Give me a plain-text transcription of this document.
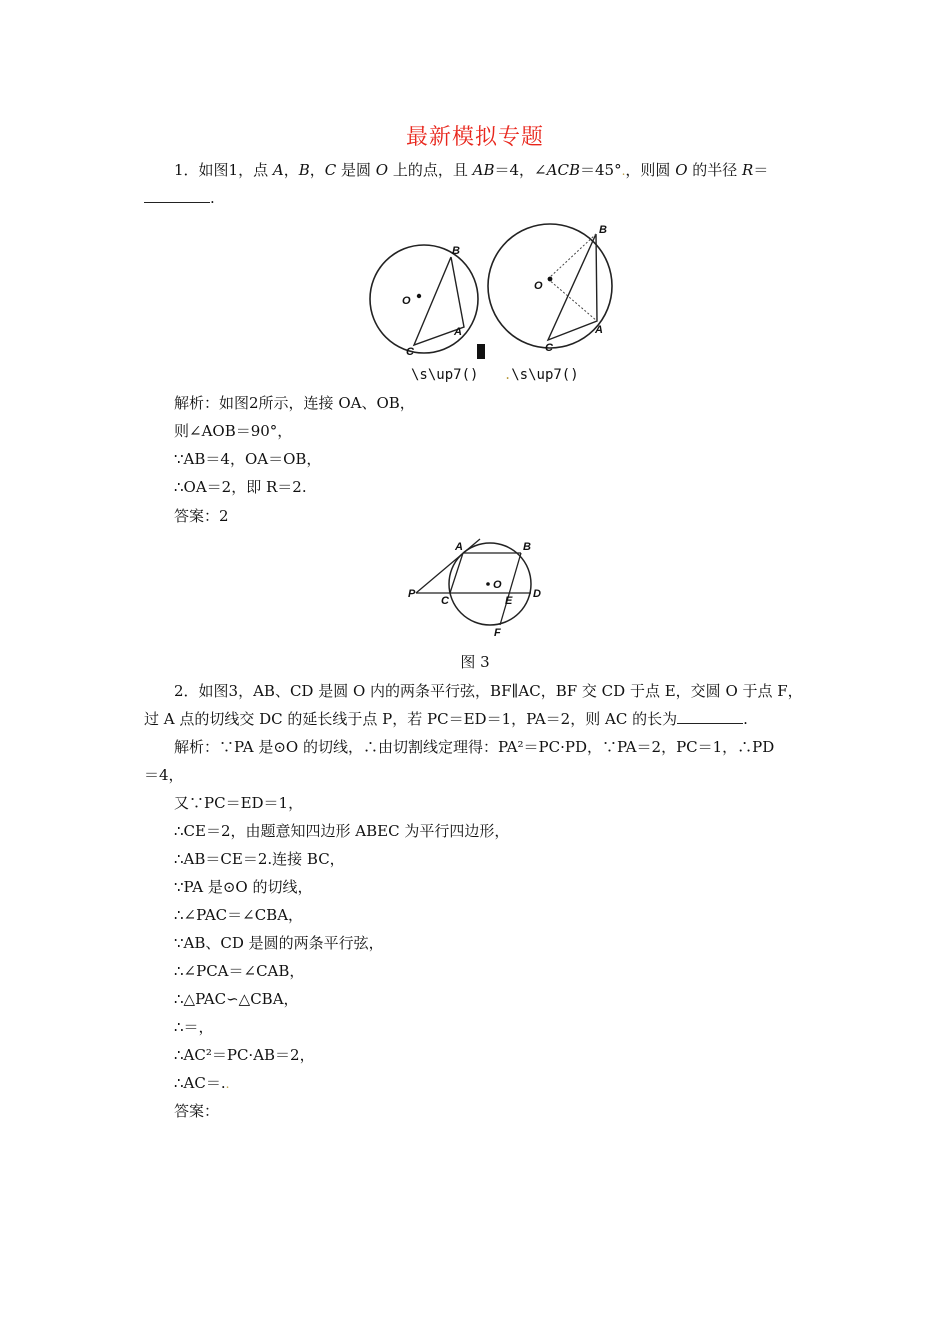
最新模拟专题
1．如图1，点 A，B，C 是圆 O 上的点，且 AB＝4，∠ACB＝45°.，则圆 O 的半径 R＝
.
O
B
A
C
O
B
A
C
\s\up7() .\s\up7()
解析：如图2所示，连接 OA、OB，
则∠AOB＝90°，
∵AB＝4，OA＝OB，
∴OA＝2，即 R＝2.
答案：2
A	B
P
C
O
E
D
F
图 3
2．如图3，AB、CD 是圆 O 内的两条平行弦，BF∥AC，BF 交 CD 于点 E，交圆 O 于点 F，
过 A 点的切线交 DC 的延长线于点 P，若 PC＝ED＝1，PA＝2，则 AC 的长为	.
解析：∵PA 是⊙O 的切线，∴由切割线定理得：PA²＝PC·PD，∵PA＝2，PC＝1，∴PD
＝4，
又∵PC＝ED＝1，
∴CE＝2，由题意知四边形 ABEC 为平行四边形，
∴AB＝CE＝2.连接 BC，
∵PA 是⊙O 的切线，
∴∠PAC＝∠CBA，
∵AB、CD 是圆的两条平行弦，
∴∠PCA＝∠CAB，
∴△PAC∽△CBA，
∴＝，
∴AC²＝PC·AB＝2，
∴AC＝..
答案：
